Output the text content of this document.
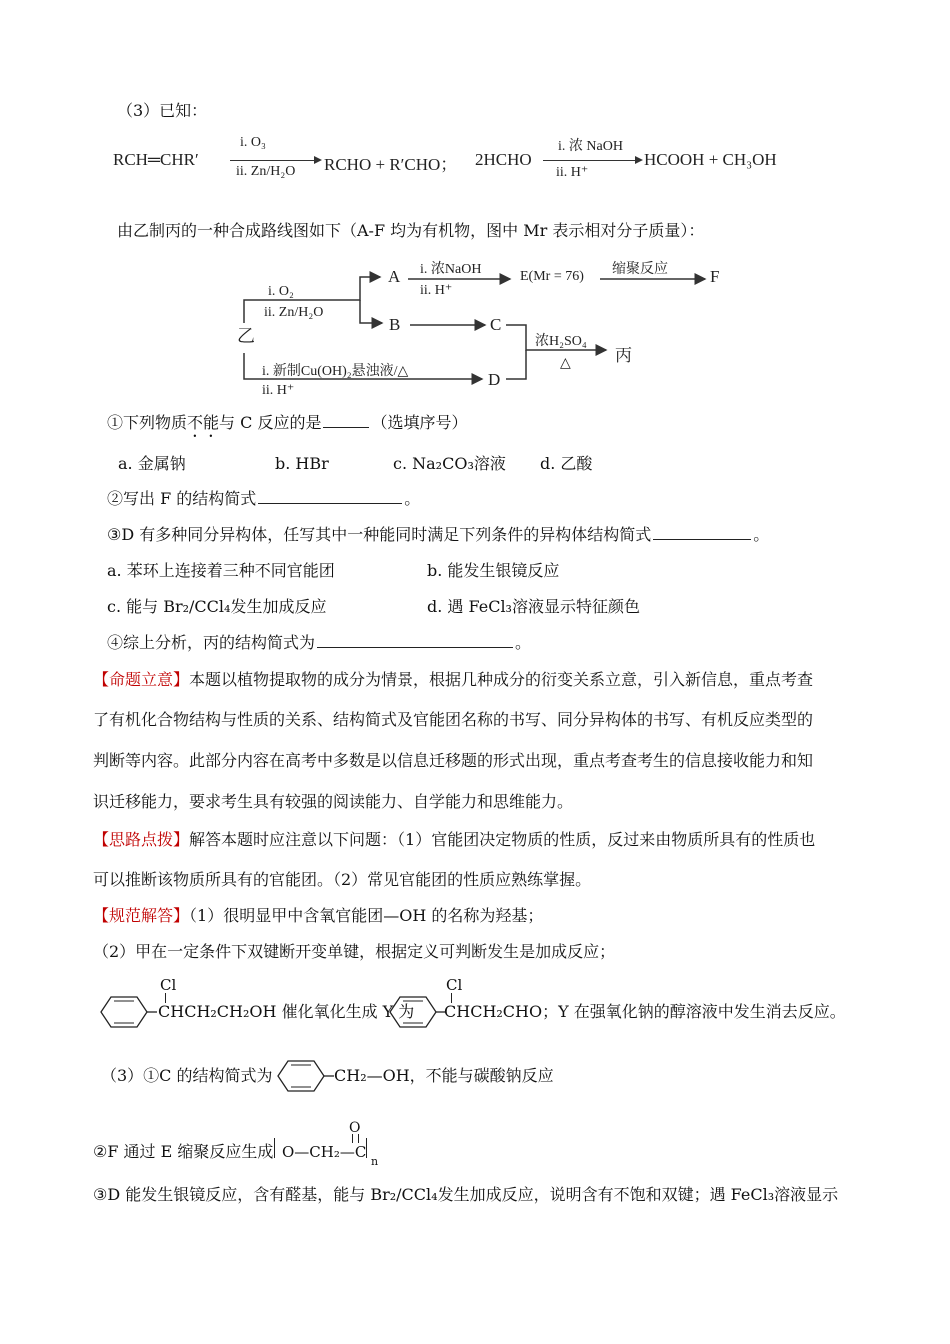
（3）已知：
RCH═CHR′
i. O₃
ii. Zn/H₂O RCHO + R′CHO； 2HCHO
i. 浓 NaOH
ii. H⁺
HCOOH + CH₃OH
由乙制丙的一种合成路线图如下（A-F 均为有机物，图中 Mr 表示相对分子质量）：
乙
i. O₂
ii. Zn/H₂O
A i. 浓NaOH
ii. H⁺
E(Mr = 76) 缩聚反应 F
B	C
浓H₂SO₄
△	丙
i. 新制Cu(OH)₂悬浊液/△
ii. H⁺
D
①下列物质不能与 C 反应的是	（选填序号）
a. 金属钠	b. HBr	c. Na₂CO₃溶液 d. 乙酸
②写出 F 的结构简式	。
③D 有多种同分异构体，任写其中一种能同时满足下列条件的异构体结构简式	。
a. 苯环上连接着三种不同官能团	b. 能发生银镜反应
c. 能与 Br₂/CCl₄发生加成反应	d. 遇 FeCl₃溶液显示特征颜色
④综上分析，丙的结构简式为	。
【命题立意】本题以植物提取物的成分为情景，根据几种成分的衍变关系立意，引入新信息，重点考查
了有机化合物结构与性质的关系、结构简式及官能团名称的书写、同分异构体的书写、有机反应类型的
判断等内容。此部分内容在高考中多数是以信息迁移题的形式出现，重点考查考生的信息接收能力和知
识迁移能力，要求考生具有较强的阅读能力、自学能力和思维能力。
【思路点拨】解答本题时应注意以下问题：（1）官能团决定物质的性质，反过来由物质所具有的性质也
可以推断该物质所具有的官能团。（2）常见官能团的性质应熟练掌握。
【规范解答】（1）很明显甲中含氧官能团—OH 的名称为羟基；
（2）甲在一定条件下双键断开变单键，根据定义可判断发生是加成反应；
Cl
CHCH₂CH₂OH 催化氧化生成 Y 为
Cl
CHCH₂CHO；Y 在强氧化钠的醇溶液中发生消去反应。
（3）①C 的结构简式为	CH₂—OH，不能与碳酸钠反应
②F 通过 E 缩聚反应生成
O
O—CH₂—C
n
③D 能发生银镜反应，含有醛基，能与 Br₂/CCl₄发生加成反应，说明含有不饱和双键；遇 FeCl₃溶液显示
